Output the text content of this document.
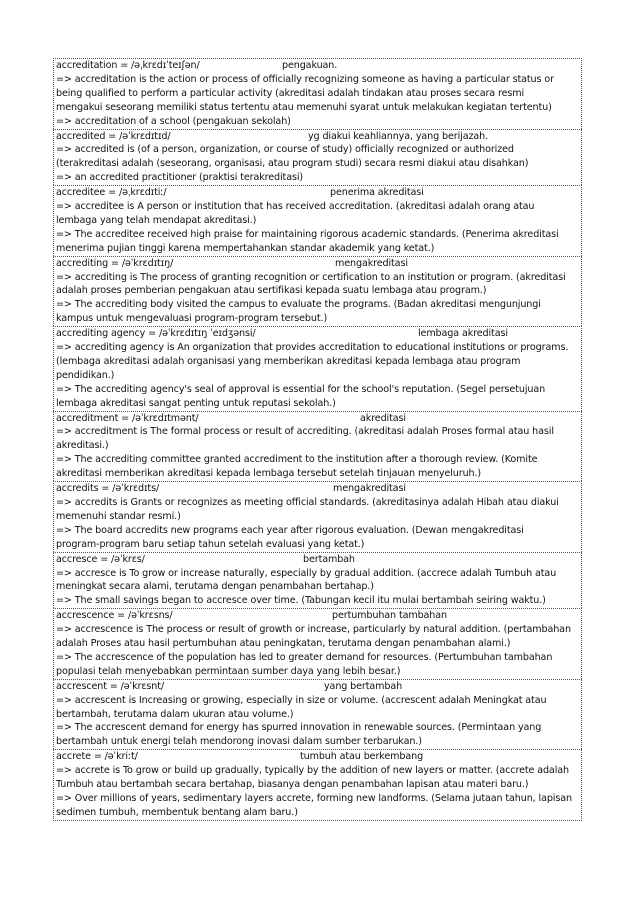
accreditation = /əˌkrɛdɪˈteɪʃən/	pengakuan.
=> accreditation is the action or process of officially recognizing someone as having a particular status or
being qualified to perform a particular activity (akreditasi adalah tindakan atau proses secara resmi
mengakui seseorang memiliki status tertentu atau memenuhi syarat untuk melakukan kegiatan tertentu)
=> accreditation of a school (pengakuan sekolah)
accredited = /əˈkrɛdɪtɪd/	yg diakui keahliannya, yang berijazah.
=> accredited is (of a person, organization, or course of study) officially recognized or authorized
(terakreditasi adalah (seseorang, organisasi, atau program studi) secara resmi diakui atau disahkan)
=> an accredited practitioner (praktisi terakreditasi)
accreditee = /əˌkrɛdɪtiː/	penerima akreditasi
=> accreditee is A person or institution that has received accreditation. (akreditasi adalah orang atau
lembaga yang telah mendapat akreditasi.)
=> The accreditee received high praise for maintaining rigorous academic standards. (Penerima akreditasi
menerima pujian tinggi karena mempertahankan standar akademik yang ketat.)
accrediting = /əˈkrɛdɪtɪŋ/	mengakreditasi
=> accrediting is The process of granting recognition or certification to an institution or program. (akreditasi
adalah proses pemberian pengakuan atau sertifikasi kepada suatu lembaga atau program.)
=> The accrediting body visited the campus to evaluate the programs. (Badan akreditasi mengunjungi
kampus untuk mengevaluasi program-program tersebut.)
accrediting agency = /əˈkrɛdɪtɪŋ ˈeɪdʒənsi/	lembaga akreditasi
=> accrediting agency is An organization that provides accreditation to educational institutions or programs.
(lembaga akreditasi adalah organisasi yang memberikan akreditasi kepada lembaga atau program
pendidikan.)
=> The accrediting agency's seal of approval is essential for the school's reputation. (Segel persetujuan
lembaga akreditasi sangat penting untuk reputasi sekolah.)
accreditment = /əˈkrɛdɪtmənt/	akreditasi
=> accreditment is The formal process or result of accrediting. (akreditasi adalah Proses formal atau hasil
akreditasi.)
=> The accrediting committee granted accrediment to the institution after a thorough review. (Komite
akreditasi memberikan akreditasi kepada lembaga tersebut setelah tinjauan menyeluruh.)
accredits = /əˈkrɛdɪts/	mengakreditasi
=> accredits is Grants or recognizes as meeting official standards. (akreditasinya adalah Hibah atau diakui
memenuhi standar resmi.)
=> The board accredits new programs each year after rigorous evaluation. (Dewan mengakreditasi
program-program baru setiap tahun setelah evaluasi yang ketat.)
accresce = /əˈkrɛs/	bertambah
=> accresce is To grow or increase naturally, especially by gradual addition. (accrece adalah Tumbuh atau
meningkat secara alami, terutama dengan penambahan bertahap.)
=> The small savings began to accresce over time. (Tabungan kecil itu mulai bertambah seiring waktu.)
accrescence = /əˈkrɛsns/	pertumbuhan tambahan
=> accrescence is The process or result of growth or increase, particularly by natural addition. (pertambahan
adalah Proses atau hasil pertumbuhan atau peningkatan, terutama dengan penambahan alami.)
=> The accrescence of the population has led to greater demand for resources. (Pertumbuhan tambahan
populasi telah menyebabkan permintaan sumber daya yang lebih besar.)
accrescent = /əˈkrɛsnt/	yang bertambah
=> accrescent is Increasing or growing, especially in size or volume. (accrescent adalah Meningkat atau
bertambah, terutama dalam ukuran atau volume.)
=> The accrescent demand for energy has spurred innovation in renewable sources. (Permintaan yang
bertambah untuk energi telah mendorong inovasi dalam sumber terbarukan.)
accrete = /əˈkriːt/	tumbuh atau berkembang
=> accrete is To grow or build up gradually, typically by the addition of new layers or matter. (accrete adalah
Tumbuh atau bertambah secara bertahap, biasanya dengan penambahan lapisan atau materi baru.)
=> Over millions of years, sedimentary layers accrete, forming new landforms. (Selama jutaan tahun, lapisan
sedimen tumbuh, membentuk bentang alam baru.)
